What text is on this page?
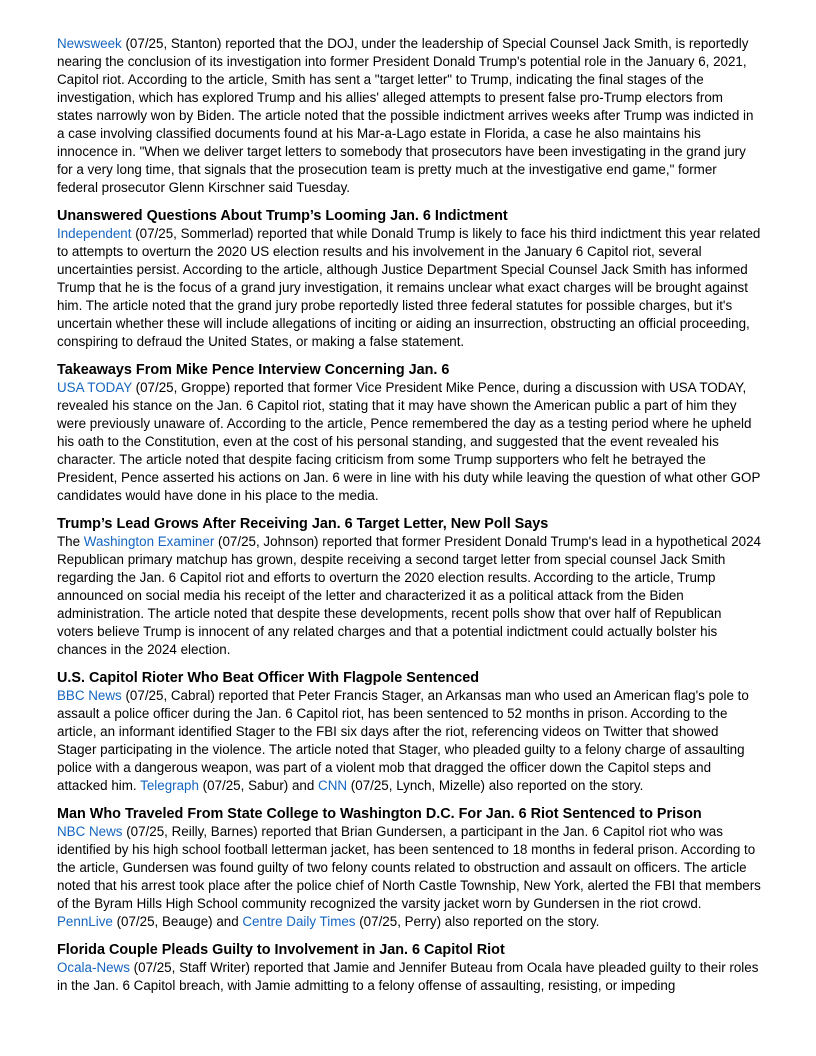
Newsweek (07/25, Stanton) reported that the DOJ, under the leadership of Special Counsel Jack Smith, is reportedly nearing the conclusion of its investigation into former President Donald Trump's potential role in the January 6, 2021, Capitol riot. According to the article, Smith has sent a "target letter" to Trump, indicating the final stages of the investigation, which has explored Trump and his allies' alleged attempts to present false pro-Trump electors from states narrowly won by Biden. The article noted that the possible indictment arrives weeks after Trump was indicted in a case involving classified documents found at his Mar-a-Lago estate in Florida, a case he also maintains his innocence in. "When we deliver target letters to somebody that prosecutors have been investigating in the grand jury for a very long time, that signals that the prosecution team is pretty much at the investigative end game," former federal prosecutor Glenn Kirschner said Tuesday.

Unanswered Questions About Trump’s Looming Jan. 6 Indictment

Independent (07/25, Sommerlad) reported that while Donald Trump is likely to face his third indictment this year related to attempts to overturn the 2020 US election results and his involvement in the January 6 Capitol riot, several uncertainties persist. According to the article, although Justice Department Special Counsel Jack Smith has informed Trump that he is the focus of a grand jury investigation, it remains unclear what exact charges will be brought against him. The article noted that the grand jury probe reportedly listed three federal statutes for possible charges, but it's uncertain whether these will include allegations of inciting or aiding an insurrection, obstructing an official proceeding, conspiring to defraud the United States, or making a false statement.

Takeaways From Mike Pence Interview Concerning Jan. 6

USA TODAY (07/25, Groppe) reported that former Vice President Mike Pence, during a discussion with USA TODAY, revealed his stance on the Jan. 6 Capitol riot, stating that it may have shown the American public a part of him they were previously unaware of. According to the article, Pence remembered the day as a testing period where he upheld his oath to the Constitution, even at the cost of his personal standing, and suggested that the event revealed his character. The article noted that despite facing criticism from some Trump supporters who felt he betrayed the President, Pence asserted his actions on Jan. 6 were in line with his duty while leaving the question of what other GOP candidates would have done in his place to the media.

Trump’s Lead Grows After Receiving Jan. 6 Target Letter, New Poll Says

The Washington Examiner (07/25, Johnson) reported that former President Donald Trump's lead in a hypothetical 2024 Republican primary matchup has grown, despite receiving a second target letter from special counsel Jack Smith regarding the Jan. 6 Capitol riot and efforts to overturn the 2020 election results. According to the article, Trump announced on social media his receipt of the letter and characterized it as a political attack from the Biden administration. The article noted that despite these developments, recent polls show that over half of Republican voters believe Trump is innocent of any related charges and that a potential indictment could actually bolster his chances in the 2024 election.

U.S. Capitol Rioter Who Beat Officer With Flagpole Sentenced

BBC News (07/25, Cabral) reported that Peter Francis Stager, an Arkansas man who used an American flag's pole to assault a police officer during the Jan. 6 Capitol riot, has been sentenced to 52 months in prison. According to the article, an informant identified Stager to the FBI six days after the riot, referencing videos on Twitter that showed Stager participating in the violence. The article noted that Stager, who pleaded guilty to a felony charge of assaulting police with a dangerous weapon, was part of a violent mob that dragged the officer down the Capitol steps and attacked him. Telegraph (07/25, Sabur) and CNN (07/25, Lynch, Mizelle) also reported on the story.

Man Who Traveled From State College to Washington D.C. For Jan. 6 Riot Sentenced to Prison

NBC News (07/25, Reilly, Barnes) reported that Brian Gundersen, a participant in the Jan. 6 Capitol riot who was identified by his high school football letterman jacket, has been sentenced to 18 months in federal prison. According to the article, Gundersen was found guilty of two felony counts related to obstruction and assault on officers. The article noted that his arrest took place after the police chief of North Castle Township, New York, alerted the FBI that members of the Byram Hills High School community recognized the varsity jacket worn by Gundersen in the riot crowd. PennLive (07/25, Beauge) and Centre Daily Times (07/25, Perry) also reported on the story.

Florida Couple Pleads Guilty to Involvement in Jan. 6 Capitol Riot

Ocala-News (07/25, Staff Writer) reported that Jamie and Jennifer Buteau from Ocala have pleaded guilty to their roles in the Jan. 6 Capitol breach, with Jamie admitting to a felony offense of assaulting, resisting, or impeding
